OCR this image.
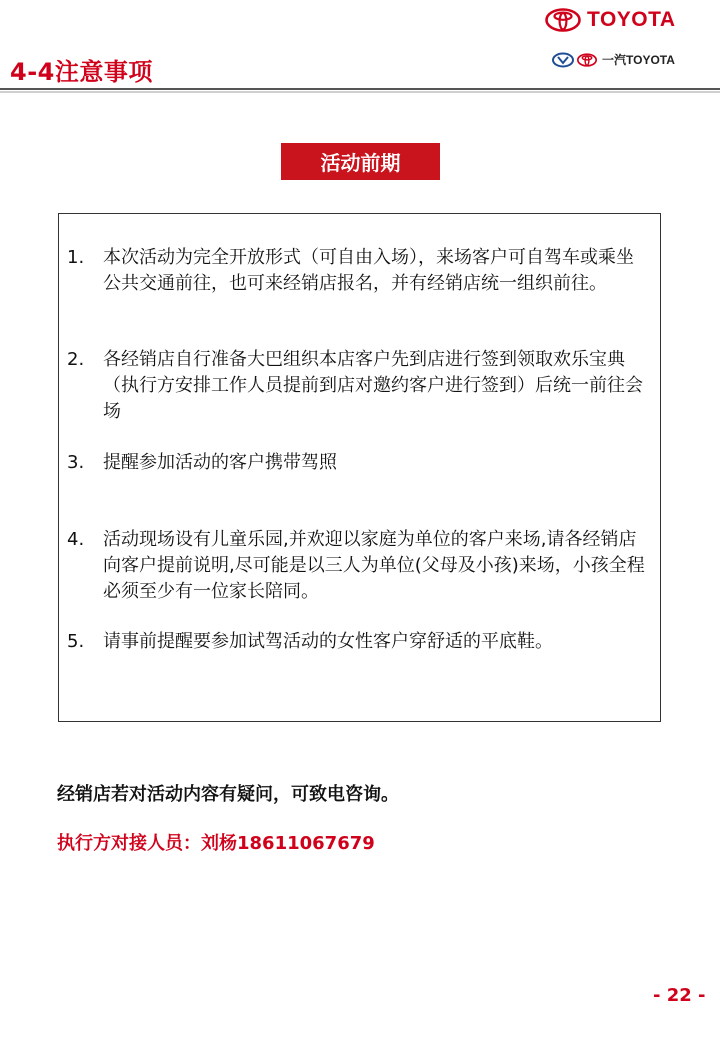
4-4注意事项
TOYOTA
一汽TOYOTA
活动前期
1. 本次活动为完全开放形式（可自由入场），来场客户可自驾车或乘坐公共交通前往，也可来经销店报名，并有经销店统一组织前往。
2. 各经销店自行准备大巴组织本店客户先到店进行签到领取欢乐宝典（执行方安排工作人员提前到店对邀约客户进行签到）后统一前往会场
3. 提醒参加活动的客户携带驾照
4. 活动现场设有儿童乐园,并欢迎以家庭为单位的客户来场,请各经销店向客户提前说明,尽可能是以三人为单位(父母及小孩)来场，小孩全程必须至少有一位家长陪同。
5. 请事前提醒要参加试驾活动的女性客户穿舒适的平底鞋。
经销店若对活动内容有疑问，可致电咨询。
执行方对接人员：刘杨18611067679
- 22 -
